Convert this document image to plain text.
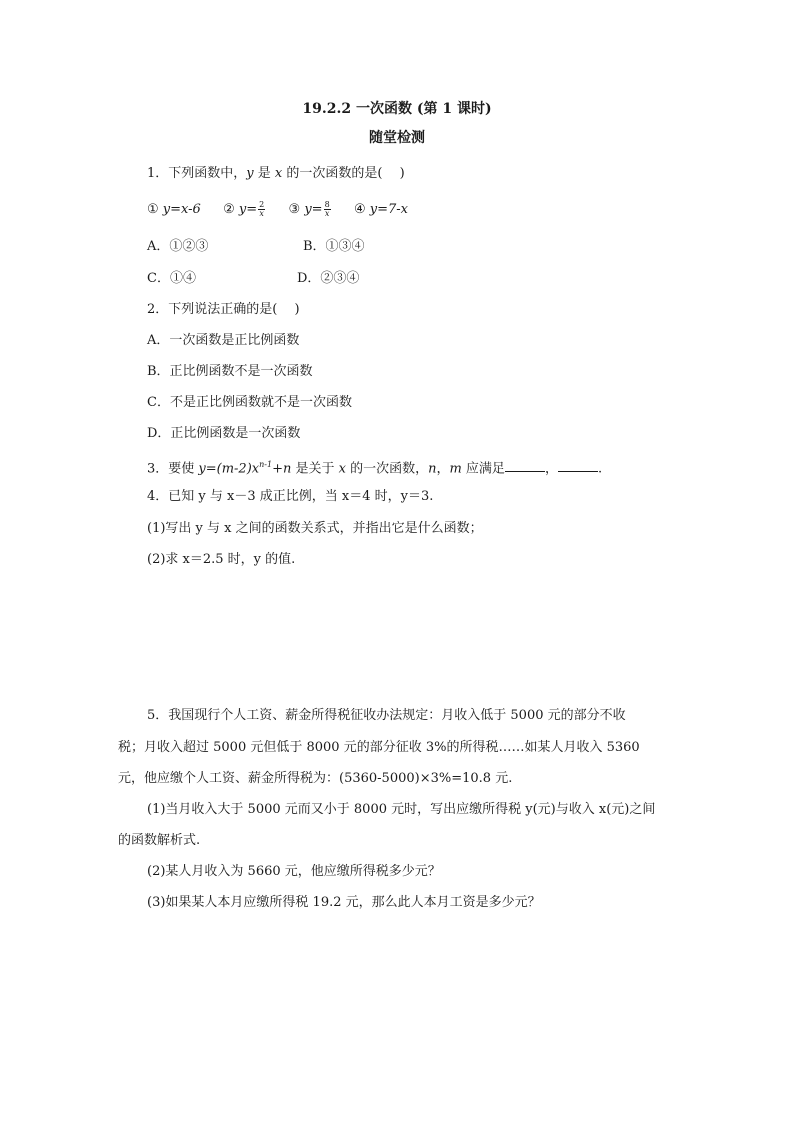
19.2.2 一次函数 (第 1 课时)
随堂检测
1．下列函数中，y 是 x 的一次函数的是(　 )
① y=x-6 ② $y= \frac{2}{x}$ ③ $y= \frac{8}{x}$ ④ y=7-x
A．①②③	B．①③④
C．①④	D．②③④
2．下列说法正确的是(　 )
A．一次函数是正比例函数
B．正比例函数不是一次函数
C．不是正比例函数就不是一次函数
D．正比例函数是一次函数
3．要使 $y=(m-2)x^{n-1}+n$ 是关于 x 的一次函数，n，m 应满足	，	.
4．已知 y 与 x－3 成正比例，当 x＝4 时，y＝3.
(1)写出 y 与 x 之间的函数关系式，并指出它是什么函数；
(2)求 x＝2.5 时，y 的值.
5．我国现行个人工资、薪金所得税征收办法规定：月收入低于 5000 元的部分不收
税；月收入超过 5000 元但低于 8000 元的部分征收 3%的所得税……如某人月收入 5360
元，他应缴个人工资、薪金所得税为：(5360-5000)×3%=10.8 元.
(1)当月收入大于 5000 元而又小于 8000 元时，写出应缴所得税 y(元)与收入 x(元)之间
的函数解析式.
(2)某人月收入为 5660 元，他应缴所得税多少元？
(3)如果某人本月应缴所得税 19.2 元，那么此人本月工资是多少元？
